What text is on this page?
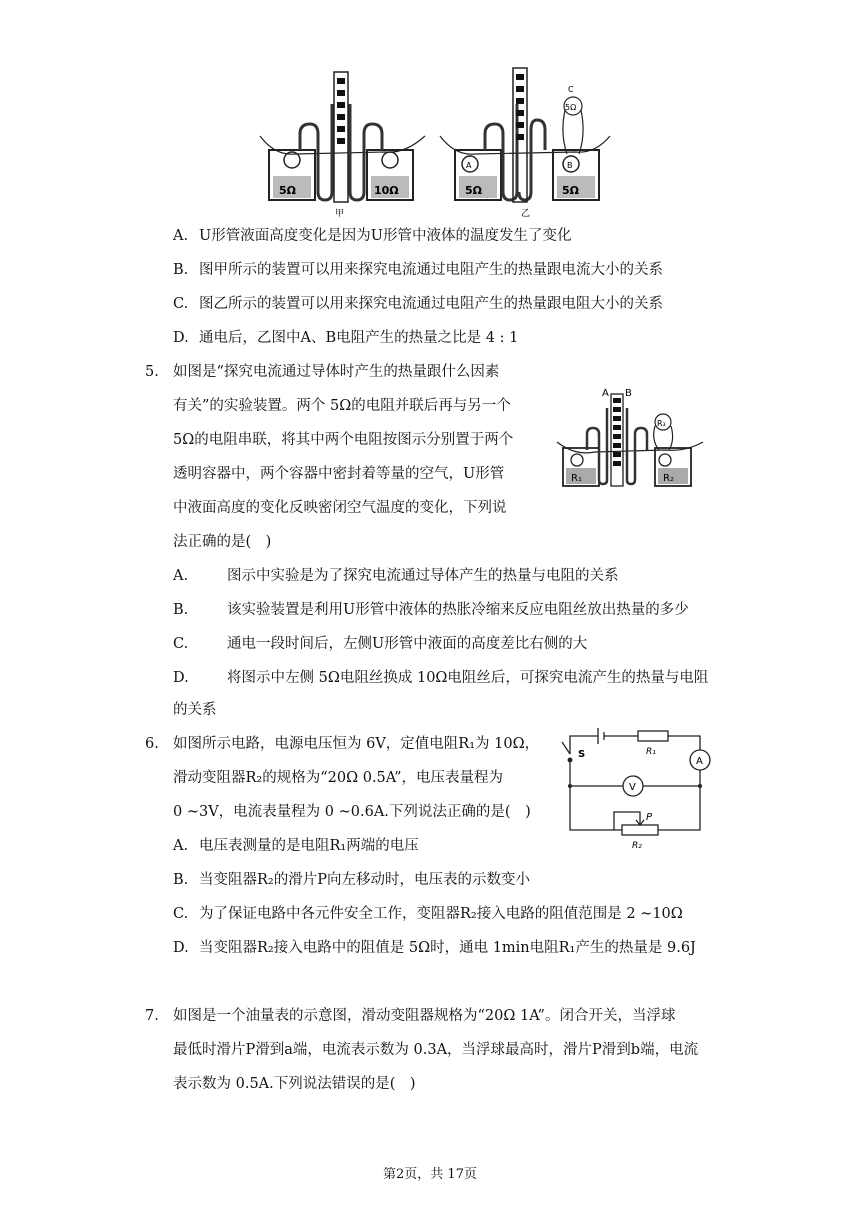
5Ω	10Ω
甲
A	B
C
5Ω
5Ω	5Ω
乙
A. U形管液面高度变化是因为U形管中液体的温度发生了变化
B. 图甲所示的装置可以用来探究电流通过电阻产生的热量跟电流大小的关系
C. 图乙所示的装置可以用来探究电流通过电阻产生的热量跟电阻大小的关系
D. 通电后，乙图中A、B电阻产生的热量之比是 4 : 1
5. 如图是“探究电流通过导体时产生的热量跟什么因素
有关”的实验装置。两个 5Ω的电阻并联后再与另一个
5Ω的电阻串联，将其中两个电阻按图示分别置于两个
透明容器中，两个容器中密封着等量的空气，U形管
中液面高度的变化反映密闭空气温度的变化，下列说
法正确的是(　)
A B
R₃
R₁	R₂
A.	图示中实验是为了探究电流通过导体产生的热量与电阻的关系
B.	该实验装置是利用U形管中液体的热胀冷缩来反应电阻丝放出热量的多少
C.	通电一段时间后，左侧U形管中液面的高度差比右侧的大
D.	将图示中左侧 5Ω电阻丝换成 10Ω电阻丝后，可探究电流产生的热量与电阻
的关系
6. 如图所示电路，电源电压恒为 6V，定值电阻R₁为 10Ω，
滑动变阻器R₂的规格为“20Ω 0.5A”，电压表量程为
0 ~3V，电流表量程为 0 ~0.6A.下列说法正确的是(　)
S	R₁
A
V
P
R₂
A. 电压表测量的是电阻R₁两端的电压
B. 当变阻器R₂的滑片P向左移动时，电压表的示数变小
C. 为了保证电路中各元件安全工作，变阻器R₂接入电路的阻值范围是 2 ~10Ω
D. 当变阻器R₂接入电路中的阻值是 5Ω时，通电 1min电阻R₁产生的热量是 9.6J
7. 如图是一个油量表的示意图，滑动变阻器规格为“20Ω 1A”。闭合开关，当浮球
最低时滑片P滑到a端，电流表示数为 0.3A，当浮球最高时，滑片P滑到b端，电流
表示数为 0.5A.下列说法错误的是(　)
第2页，共 17页
